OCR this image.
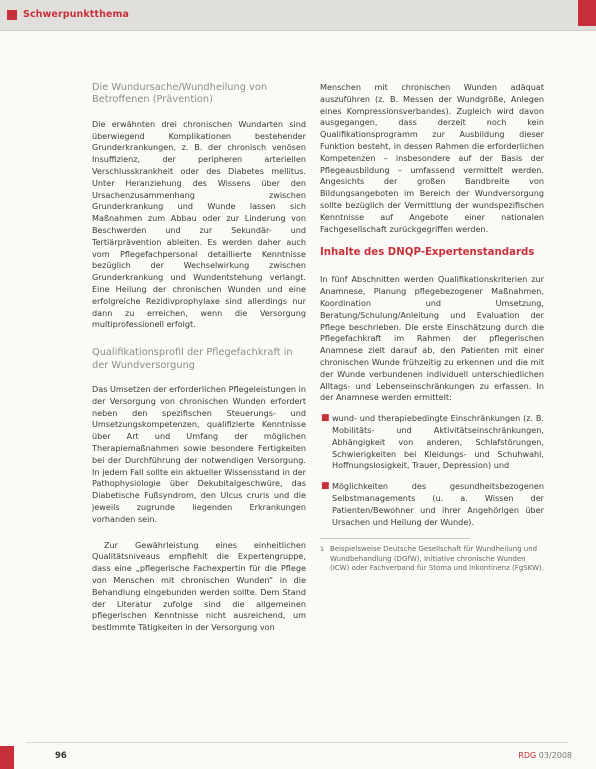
Schwerpunktthema
Die Wundursache/Wundheilung von Betroffenen (Prävention)

Die erwähnten drei chronischen Wundarten sind überwiegend Komplikationen bestehender Grunderkrankungen, z. B. der chronisch venösen Insuffizienz, der peripheren arteriellen Verschlusskrankheit oder des Diabetes mellitus. Unter Heranziehung des Wissens über den Ursachenzusammenhang zwischen Grunderkrankung und Wunde lassen sich Maßnahmen zum Abbau oder zur Linderung von Beschwerden und zur Sekundär- und Tertiärprävention ableiten. Es werden daher auch vom Pflegefachpersonal detaillierte Kenntnisse bezüglich der Wechselwirkung zwischen Grunderkrankung und Wundentstehung verlangt. Eine Heilung der chronischen Wunden und eine erfolgreiche Rezidivprophylaxe sind allerdings nur dann zu erreichen, wenn die Versorgung multiprofessionell erfolgt.

Qualifikationsprofil der Pflegefachkraft in der Wundversorgung

Das Umsetzen der erforderlichen Pflegeleistungen in der Versorgung von chronischen Wunden erfordert neben den spezifischen Steuerungs- und Umsetzungskompetenzen, qualifizierte Kenntnisse über Art und Umfang der möglichen Therapiemaßnahmen sowie besondere Fertigkeiten bei der Durchführung der notwendigen Versorgung. In jedem Fall sollte ein aktueller Wissensstand in der Pathophysiologie über Dekubitalgeschwüre, das Diabetische Fußsyndrom, den Ulcus cruris und die jeweils zugrunde liegenden Erkrankungen vorhanden sein.

Zur Gewährleistung eines einheitlichen Qualitätsniveaus empfiehlt die Expertengruppe, dass eine „pflegerische Fachexpertin für die Pflege von Menschen mit chronischen Wunden“ in die Behandlung eingebunden werden sollte. Dem Stand der Literatur zufolge sind die allgemeinen pflegerischen Kenntnisse nicht ausreichend, um bestimmte Tätigkeiten in der Versorgung von

Menschen mit chronischen Wunden adäquat auszuführen (z. B. Messen der Wundgröße, Anlegen eines Kompressionsverbandes). Zugleich wird davon ausgegangen, dass derzeit noch kein Qualifikationsprogramm zur Ausbildung dieser Funktion besteht, in dessen Rahmen die erforderlichen Kompetenzen – insbesondere auf der Basis der Pflegeausbildung – umfassend vermittelt werden. Angesichts der großen Bandbreite von Bildungsangeboten im Bereich der Wundversorgung sollte bezüglich der Vermittlung der wundspezifischen Kenntnisse auf Angebote einer nationalen Fachgesellschaft zurückgegriffen werden.

Inhalte des DNQP-Expertenstandards

In fünf Abschnitten werden Qualifikationskriterien zur Anamnese, Planung pflegebezogener Maßnahmen, Koordination und Umsetzung, Beratung/Schulung/Anleitung und Evaluation der Pflege beschrieben. Die erste Einschätzung durch die Pflegefachkraft im Rahmen der pflegerischen Anamnese zielt darauf ab, den Patienten mit einer chronischen Wunde frühzeitig zu erkennen und die mit der Wunde verbundenen individuell unterschiedlichen Alltags- und Lebenseinschränkungen zu erfassen. In der Anamnese werden ermittelt:

■ wund- und therapiebedingte Einschränkungen (z. B. Mobilitäts- und Aktivitätseinschränkungen, Abhängigkeit von anderen, Schlafstörungen, Schwierigkeiten bei Kleidungs- und Schuhwahl, Hoffnungslosigkeit, Trauer, Depression) und
■ Möglichkeiten des gesundheitsbezogenen Selbstmanagements (u. a. Wissen der Patienten/Bewohner und ihrer Angehörigen über Ursachen und Heilung der Wunde).
1 Beispielsweise Deutsche Gesellschaft für Wundheilung und Wundbehandlung (DGfW), Initiative chronische Wunden (ICW) oder Fachverband für Stoma und Inkontinenz (FgSKW).
96	RDG 03/2008
